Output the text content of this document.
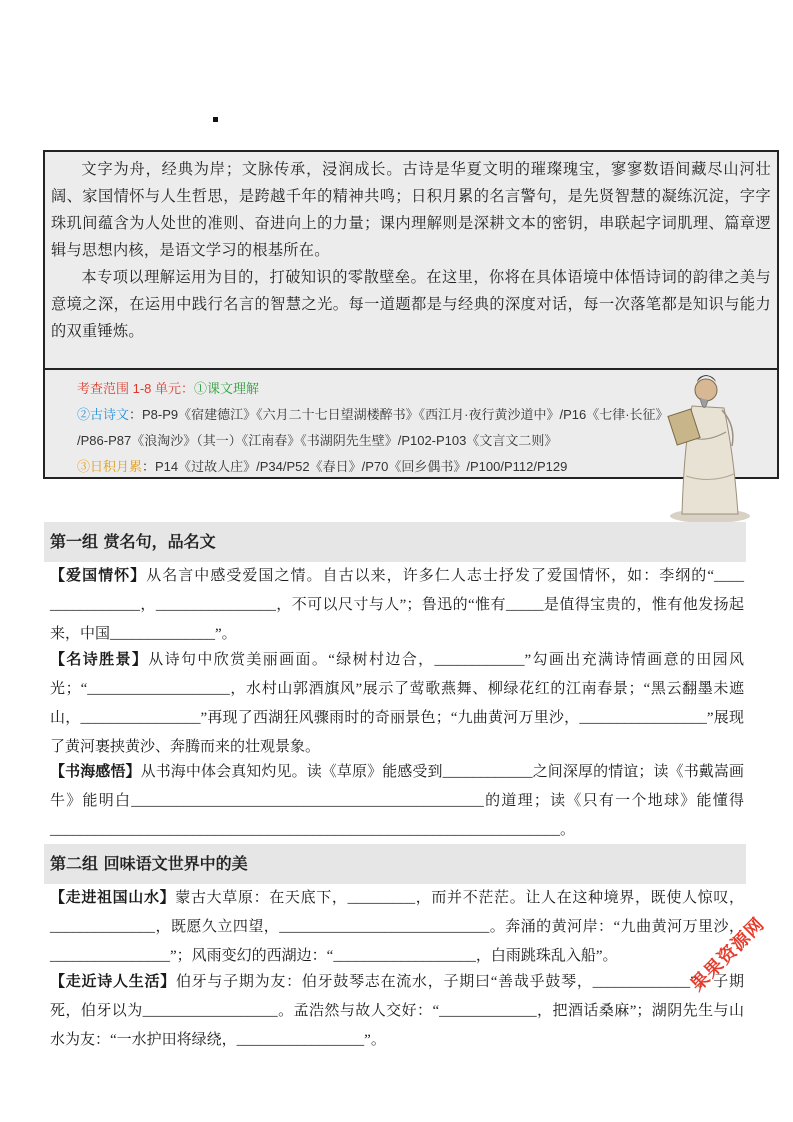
文字为舟，经典为岸；文脉传承，浸润成长。古诗是华夏文明的璀璨瑰宝，寥寥数语间藏尽山河壮阔、家国情怀与人生哲思，是跨越千年的精神共鸣；日积月累的名言警句，是先贤智慧的凝练沉淀，字字珠玑间蕴含为人处世的准则、奋进向上的力量；课内理解则是深耕文本的密钥，串联起字词肌理、篇章逻辑与思想内核，是语文学习的根基所在。

本专项以理解运用为目的，打破知识的零散壁垒。在这里，你将在具体语境中体悟诗词的韵律之美与意境之深，在运用中践行名言的智慧之光。每一道题都是与经典的深度对话，每一次落笔都是知识与能力的双重锤炼。

考查范围 1-8 单元：①课文理解
②古诗文：P8-P9《宿建德江》《六月二十七日望湖楼醉书》《西江月·夜行黄沙道中》/P16《七律·长征》
/P86-P87《浪淘沙》（其一）《江南春》《书湖阴先生壁》/P102-P103《文言文二则》
③日积月累：P14《过故人庄》/P34/P52《春日》/P70《回乡偶书》/P100/P112/P129
第一组 赏名句，品名文
【爱国情怀】从名言中感受爱国之情。自古以来，许多仁人志士抒发了爱国情怀，如：李纲的“____ ____________，________________，不可以尺寸与人”；鲁迅的“惟有_____是值得宝贵的，惟有他发扬起来，中国______________”。
【名诗胜景】从诗句中欣赏美丽画面。“绿树村边合，____________”勾画出充满诗情画意的田园风光；“___________________，水村山郭酒旗风”展示了莺歌燕舞、柳绿花红的江南春景；“黑云翻墨未遮山，________________”再现了西湖狂风骤雨时的奇丽景色；“九曲黄河万里沙，_________________”展现了黄河裹挟黄沙、奔腾而来的壮观景象。
【书海感悟】从书海中体会真知灼见。读《草原》能感受到____________之间深厚的情谊；读《书戴嵩画牛》能明白_______________________________________________的道理；读《只有一个地球》能懂得____________________________________________________________________。
第二组 回味语文世界中的美
【走进祖国山水】蒙古大草原：在天底下，_________，而并不茫茫。让人在这种境界，既使人惊叹，______________，既愿久立四望，____________________________。奔涌的黄河岸：“九曲黄河万里沙，________________”；风雨变幻的西湖边：“___________________，白雨跳珠乱入船”。
【走近诗人生活】伯牙与子期为友：伯牙鼓琴志在流水，子期曰“善哉乎鼓琴，_____________”。子期死，伯牙以为__________________。孟浩然与故人交好：“_____________，把酒话桑麻”；湖阴先生与山水为友：“一水护田将绿绕，_________________”。
果果资源网
